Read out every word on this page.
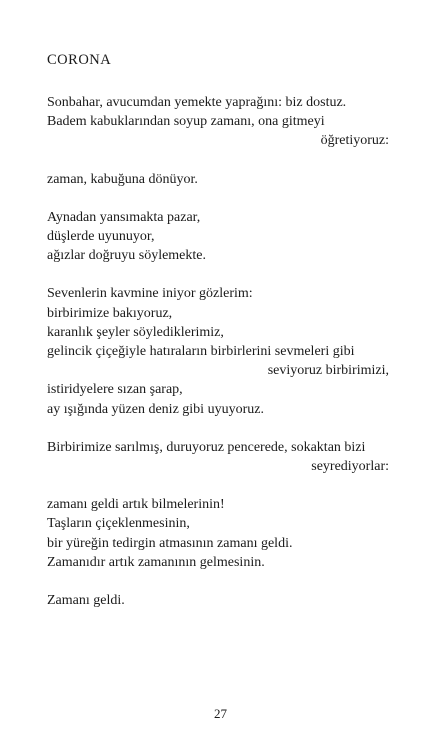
CORONA
Sonbahar, avucumdan yemekte yaprağını: biz dostuz.
Badem kabuklarından soyup zamanı, ona gitmeyi
öğretiyoruz:
zaman, kabuğuna dönüyor.
Aynadan yansımakta pazar,
düşlerde uyunuyor,
ağızlar doğruyu söylemekte.
Sevenlerin kavmine iniyor gözlerim:
birbirimize bakıyoruz,
karanlık şeyler söylediklerimiz,
gelincik çiçeğiyle hatıraların birbirlerini sevmeleri gibi
seviyoruz birbirimizi,
istiridyelere sızan şarap,
ay ışığında yüzen deniz gibi uyuyoruz.
Birbirimize sarılmış, duruyoruz pencerede, sokaktan bizi
seyrediyorlar:
zamanı geldi artık bilmelerinin!
Taşların çiçeklenmesinin,
bir yüreğin tedirgin atmasının zamanı geldi.
Zamanıdır artık zamanının gelmesinin.
Zamanı geldi.
27
